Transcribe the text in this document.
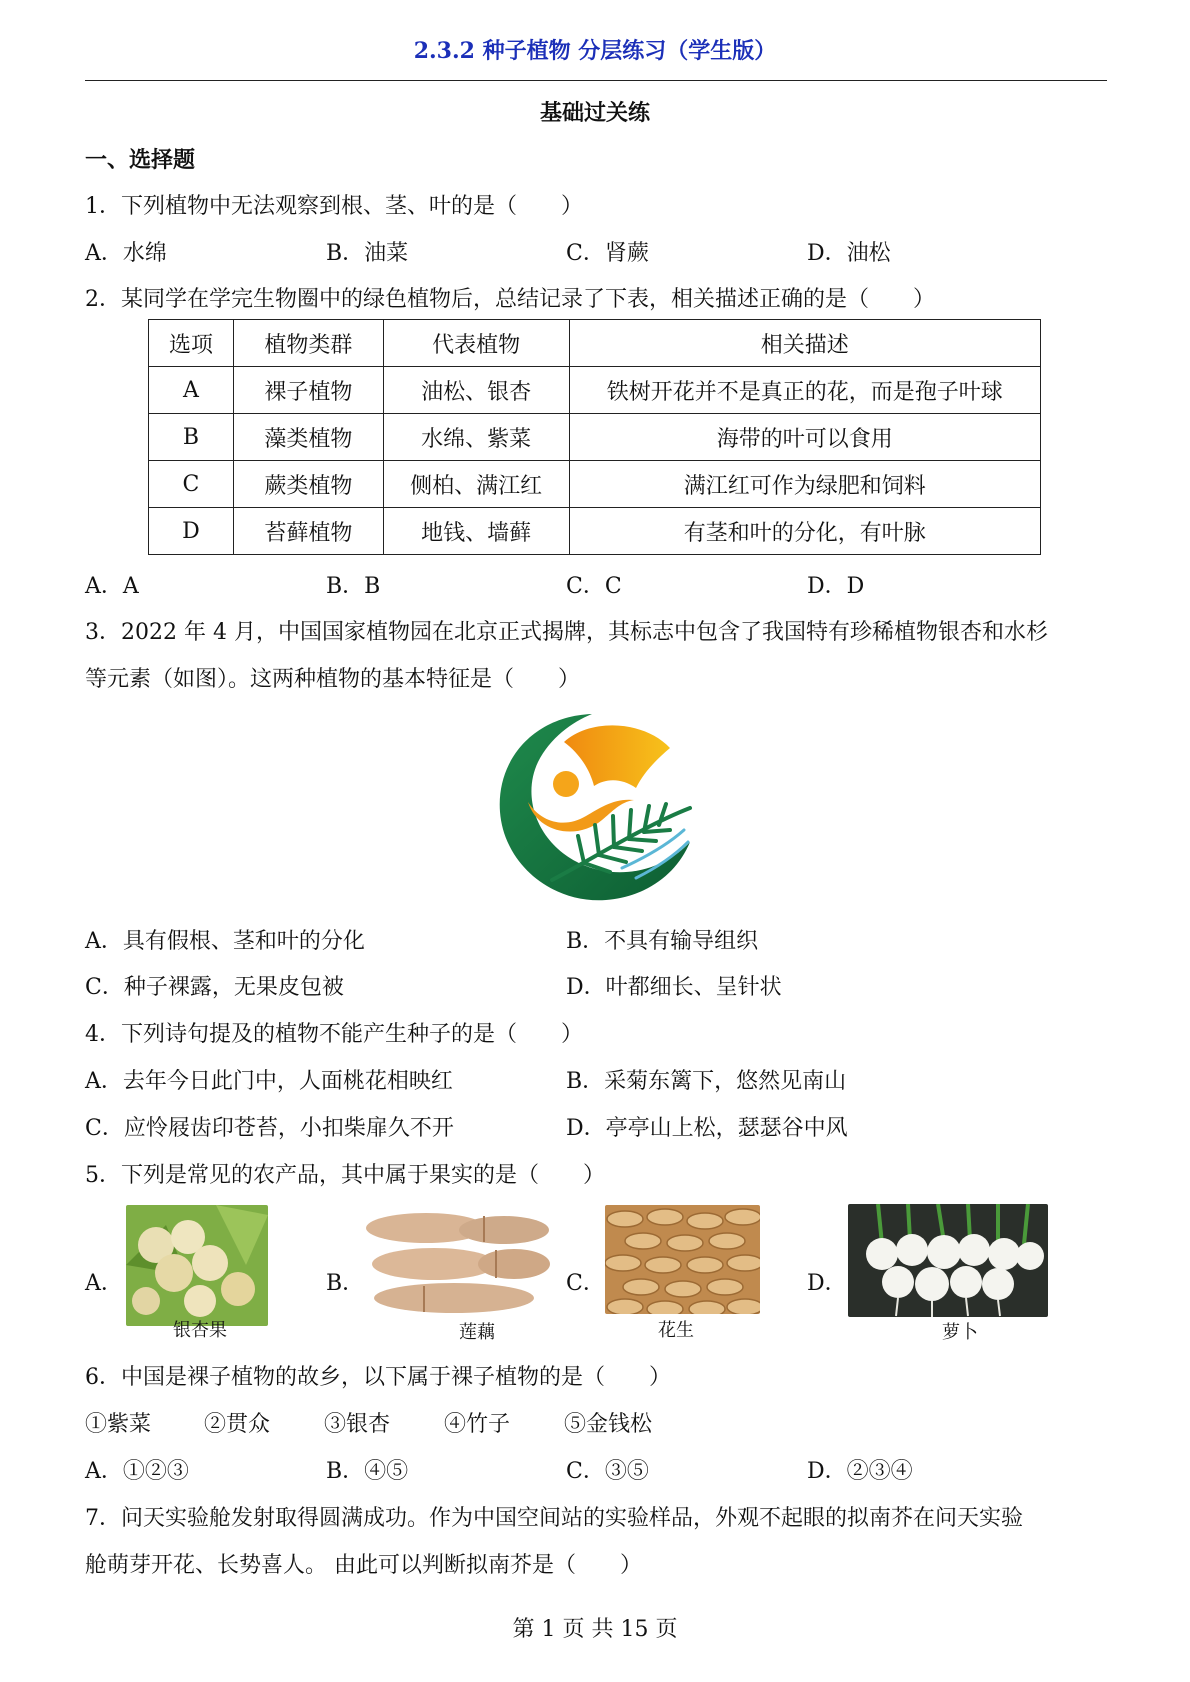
2.3.2 种子植物 分层练习（学生版）
基础过关练
一、选择题
1．下列植物中无法观察到根、茎、叶的是（　　）
A．水绵	B．油菜	C．肾蕨	D．油松
2．某同学在学完生物圈中的绿色植物后，总结记录了下表，相关描述正确的是（　　）
选项	植物类群	代表植物	相关描述
A	裸子植物	油松、银杏	铁树开花并不是真正的花，而是孢子叶球
B	藻类植物	水绵、紫菜	海带的叶可以食用
C	蕨类植物	侧柏、满江红	满江红可作为绿肥和饲料
D	苔藓植物	地钱、墙藓	有茎和叶的分化，有叶脉
A．A	B．B	C．C	D．D
3．2022 年 4 月，中国国家植物园在北京正式揭牌，其标志中包含了我国特有珍稀植物银杏和水杉
等元素（如图）。这两种植物的基本特征是（　　）
A．具有假根、茎和叶的分化	B．不具有输导组织
C．种子裸露，无果皮包被	D．叶都细长、呈针状
4．下列诗句提及的植物不能产生种子的是（　　）
A．去年今日此门中，人面桃花相映红	B．采菊东篱下，悠然见南山
C．应怜屐齿印苍苔，小扣柴扉久不开	D．亭亭山上松，瑟瑟谷中风
5．下列是常见的农产品，其中属于果实的是（　　）
A．
银杏果
B．
莲藕
C．
花生
D．
萝卜
6．中国是裸子植物的故乡，以下属于裸子植物的是（　　）
①紫菜 ②贯众 ③银杏 ④竹子 ⑤金钱松
A．①②③	B．④⑤	C．③⑤	D．②③④
7．问天实验舱发射取得圆满成功。作为中国空间站的实验样品，外观不起眼的拟南芥在问天实验
舱萌芽开花、长势喜人。 由此可以判断拟南芥是（　　）
第 1 页 共 15 页
